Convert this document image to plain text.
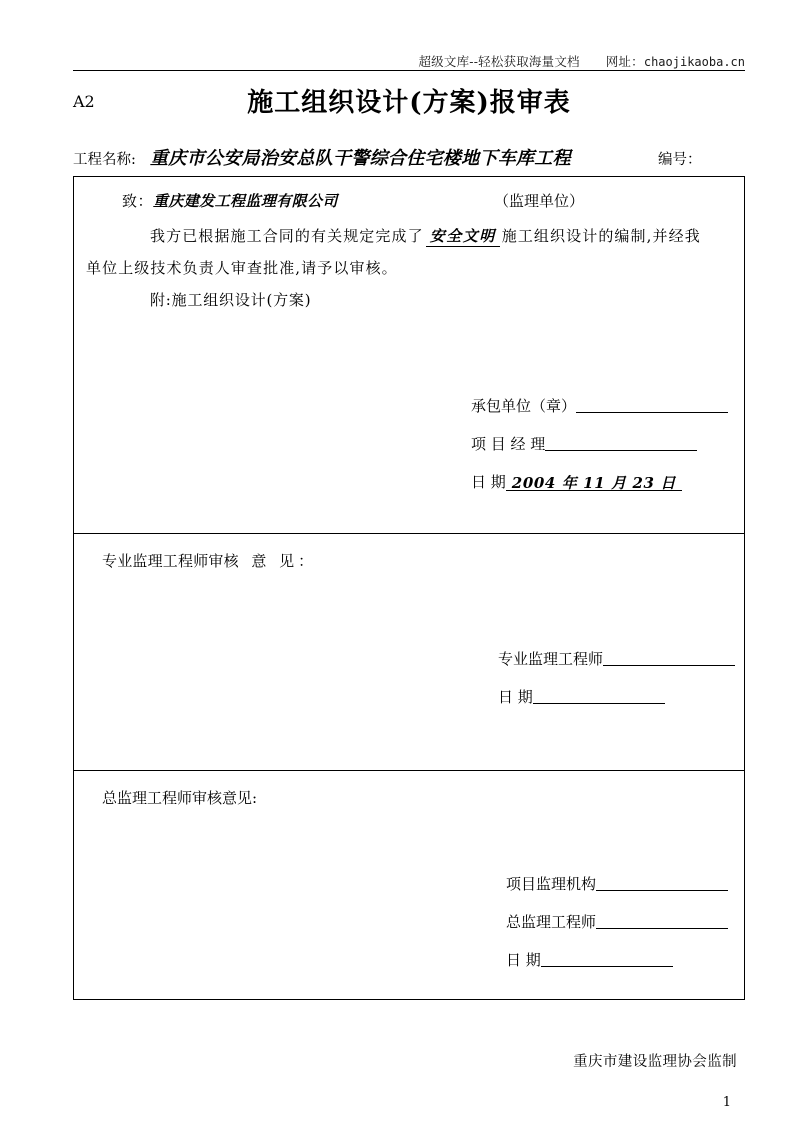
超级文库--轻松获取海量文档 网址：chaojikaoba.cn
A2	施工组织设计(方案)报审表
工程名称: 重庆市公安局治安总队干警综合住宅楼地下车库工程	编号：
致：重庆建发工程监理有限公司	（监理单位）
我方已根据施工合同的有关规定完成了 安全文明 施工组织设计的编制,并经我
单位上级技术负责人审查批准,请予以审核。
附:施工组织设计(方案)
承包单位（章）
项 目 经 理
日 期 2004 年 11 月 23 日
专业监理工程师审核 意 见：
专业监理工程师
日 期
总监理工程师审核意见:
项目监理机构
总监理工程师
日 期
重庆市建设监理协会监制
1
